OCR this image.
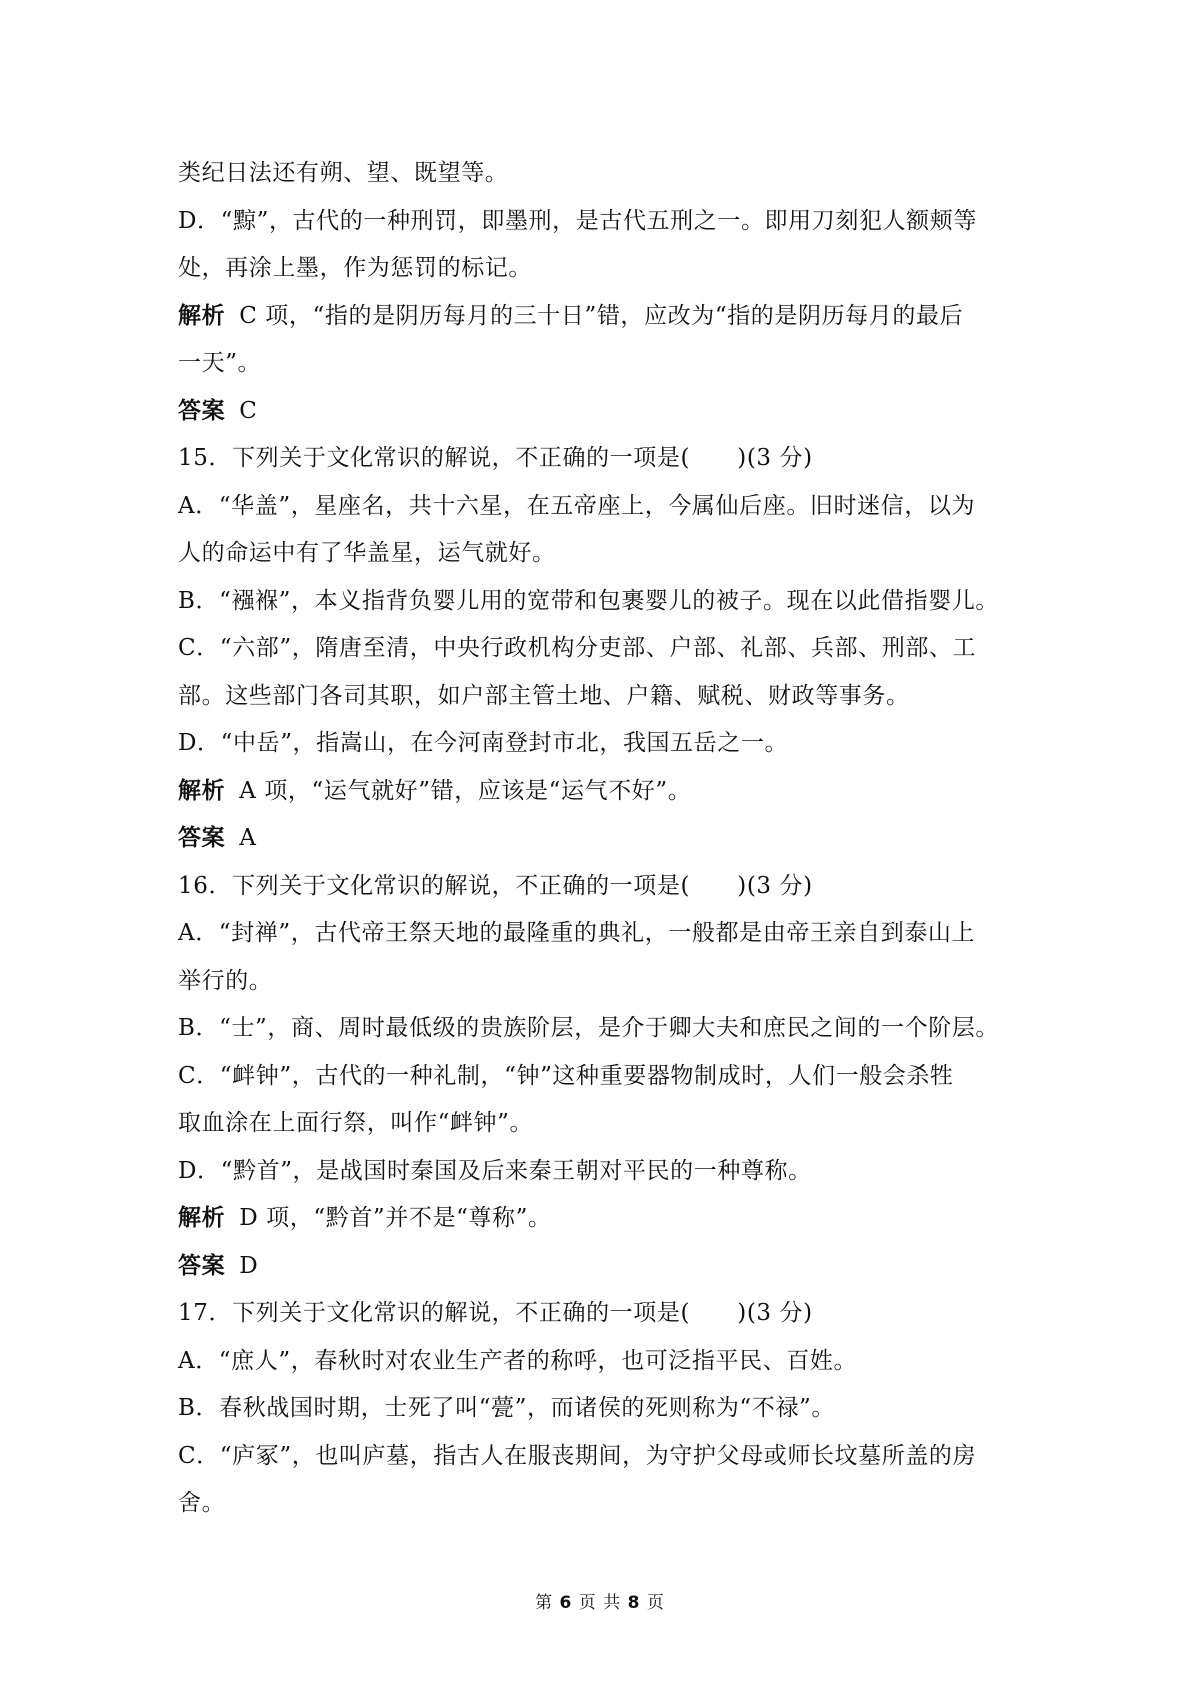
类纪日法还有朔、望、既望等。
D．“黥”，古代的一种刑罚，即墨刑，是古代五刑之一。即用刀刻犯人额颊等
处，再涂上墨，作为惩罚的标记。
解析 C 项，“指的是阴历每月的三十日”错，应改为“指的是阴历每月的最后
一天”。
答案 C
15．下列关于文化常识的解说，不正确的一项是(　　)(3 分)
A．“华盖”，星座名，共十六星，在五帝座上，今属仙后座。旧时迷信，以为
人的命运中有了华盖星，运气就好。
B．“襁褓”，本义指背负婴儿用的宽带和包裹婴儿的被子。现在以此借指婴儿。
C．“六部”，隋唐至清，中央行政机构分吏部、户部、礼部、兵部、刑部、工
部。这些部门各司其职，如户部主管土地、户籍、赋税、财政等事务。
D．“中岳”，指嵩山，在今河南登封市北，我国五岳之一。
解析 A 项，“运气就好”错，应该是“运气不好”。
答案 A
16．下列关于文化常识的解说，不正确的一项是(　　)(3 分)
A．“封禅”，古代帝王祭天地的最隆重的典礼，一般都是由帝王亲自到泰山上
举行的。
B．“士”，商、周时最低级的贵族阶层，是介于卿大夫和庶民之间的一个阶层。
C．“衅钟”，古代的一种礼制，“钟”这种重要器物制成时，人们一般会杀牲
取血涂在上面行祭，叫作“衅钟”。
D．“黔首”，是战国时秦国及后来秦王朝对平民的一种尊称。
解析 D 项，“黔首”并不是“尊称”。
答案 D
17．下列关于文化常识的解说，不正确的一项是(　　)(3 分)
A．“庶人”，春秋时对农业生产者的称呼，也可泛指平民、百姓。
B．春秋战国时期，士死了叫“甍”，而诸侯的死则称为“不禄”。
C．“庐冢”，也叫庐墓，指古人在服丧期间，为守护父母或师长坟墓所盖的房
舍。
第 6 页 共 8 页
